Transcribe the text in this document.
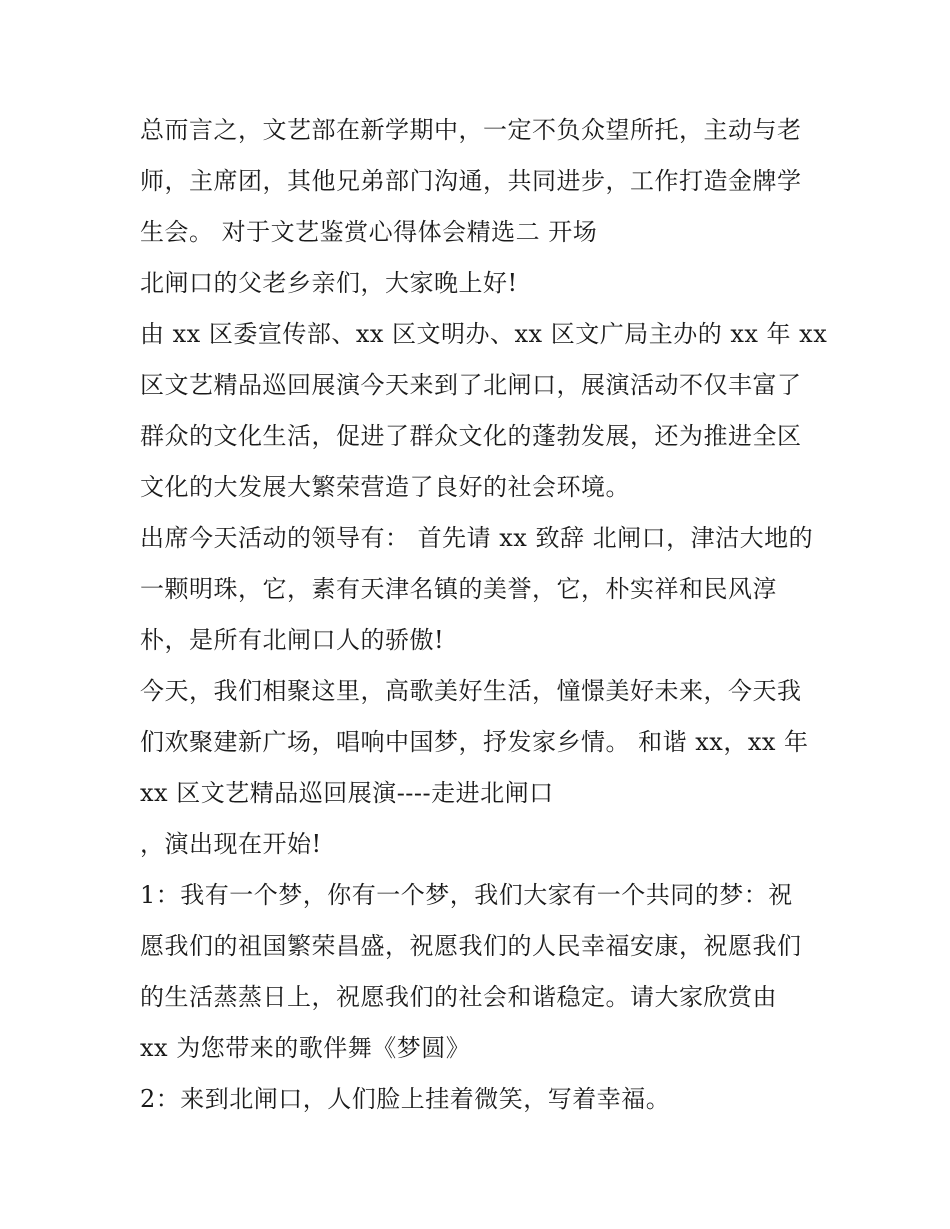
总而言之，文艺部在新学期中，一定不负众望所托，主动与老
师，主席团，其他兄弟部门沟通，共同进步，工作打造金牌学
生会。 对于文艺鉴赏心得体会精选二 开场
北闸口的父老乡亲们，大家晚上好!
由 xx 区委宣传部、xx 区文明办、xx 区文广局主办的 xx 年 xx
区文艺精品巡回展演今天来到了北闸口，展演活动不仅丰富了
群众的文化生活，促进了群众文化的蓬勃发展，还为推进全区
文化的大发展大繁荣营造了良好的社会环境。
出席今天活动的领导有： 首先请 xx 致辞 北闸口，津沽大地的
一颗明珠，它，素有天津名镇的美誉，它，朴实祥和民风淳
朴，是所有北闸口人的骄傲!
今天，我们相聚这里，高歌美好生活，憧憬美好未来，今天我
们欢聚建新广场，唱响中国梦，抒发家乡情。 和谐 xx，xx 年
xx 区文艺精品巡回展演----走进北闸口
，演出现在开始!
1：我有一个梦，你有一个梦，我们大家有一个共同的梦：祝
愿我们的祖国繁荣昌盛，祝愿我们的人民幸福安康，祝愿我们
的生活蒸蒸日上，祝愿我们的社会和谐稳定。请大家欣赏由
xx 为您带来的歌伴舞《梦圆》
2：来到北闸口，人们脸上挂着微笑，写着幸福。
